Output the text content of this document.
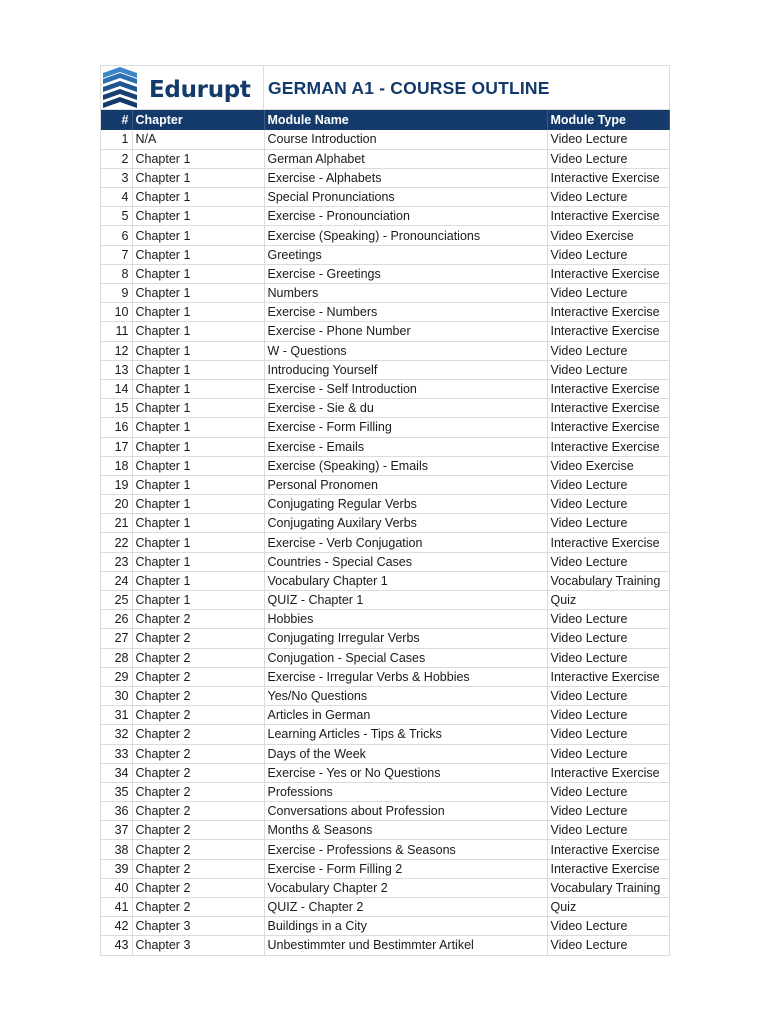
Edurupt GERMAN A1 - COURSE OUTLINE
#	Chapter	Module Name	Module Type
1	N/A	Course Introduction	Video Lecture
2	Chapter 1	German Alphabet	Video Lecture
3	Chapter 1	Exercise - Alphabets	Interactive Exercise
4	Chapter 1	Special Pronunciations	Video Lecture
5	Chapter 1	Exercise - Pronounciation	Interactive Exercise
6	Chapter 1	Exercise (Speaking) - Pronounciations	Video Exercise
7	Chapter 1	Greetings	Video Lecture
8	Chapter 1	Exercise - Greetings	Interactive Exercise
9	Chapter 1	Numbers	Video Lecture
10	Chapter 1	Exercise - Numbers	Interactive Exercise
11	Chapter 1	Exercise - Phone Number	Interactive Exercise
12	Chapter 1	W - Questions	Video Lecture
13	Chapter 1	Introducing Yourself	Video Lecture
14	Chapter 1	Exercise - Self Introduction	Interactive Exercise
15	Chapter 1	Exercise - Sie & du	Interactive Exercise
16	Chapter 1	Exercise - Form Filling	Interactive Exercise
17	Chapter 1	Exercise - Emails	Interactive Exercise
18	Chapter 1	Exercise (Speaking) - Emails	Video Exercise
19	Chapter 1	Personal Pronomen	Video Lecture
20	Chapter 1	Conjugating Regular Verbs	Video Lecture
21	Chapter 1	Conjugating Auxilary Verbs	Video Lecture
22	Chapter 1	Exercise - Verb Conjugation	Interactive Exercise
23	Chapter 1	Countries - Special Cases	Video Lecture
24	Chapter 1	Vocabulary Chapter 1	Vocabulary Training
25	Chapter 1	QUIZ - Chapter 1	Quiz
26	Chapter 2	Hobbies	Video Lecture
27	Chapter 2	Conjugating Irregular Verbs	Video Lecture
28	Chapter 2	Conjugation - Special Cases	Video Lecture
29	Chapter 2	Exercise - Irregular Verbs & Hobbies	Interactive Exercise
30	Chapter 2	Yes/No Questions	Video Lecture
31	Chapter 2	Articles in German	Video Lecture
32	Chapter 2	Learning Articles - Tips & Tricks	Video Lecture
33	Chapter 2	Days of the Week	Video Lecture
34	Chapter 2	Exercise - Yes or No Questions	Interactive Exercise
35	Chapter 2	Professions	Video Lecture
36	Chapter 2	Conversations about Profession	Video Lecture
37	Chapter 2	Months & Seasons	Video Lecture
38	Chapter 2	Exercise - Professions & Seasons	Interactive Exercise
39	Chapter 2	Exercise - Form Filling 2	Interactive Exercise
40	Chapter 2	Vocabulary Chapter 2	Vocabulary Training
41	Chapter 2	QUIZ - Chapter 2	Quiz
42	Chapter 3	Buildings in a City	Video Lecture
43	Chapter 3	Unbestimmter und Bestimmter Artikel	Video Lecture
